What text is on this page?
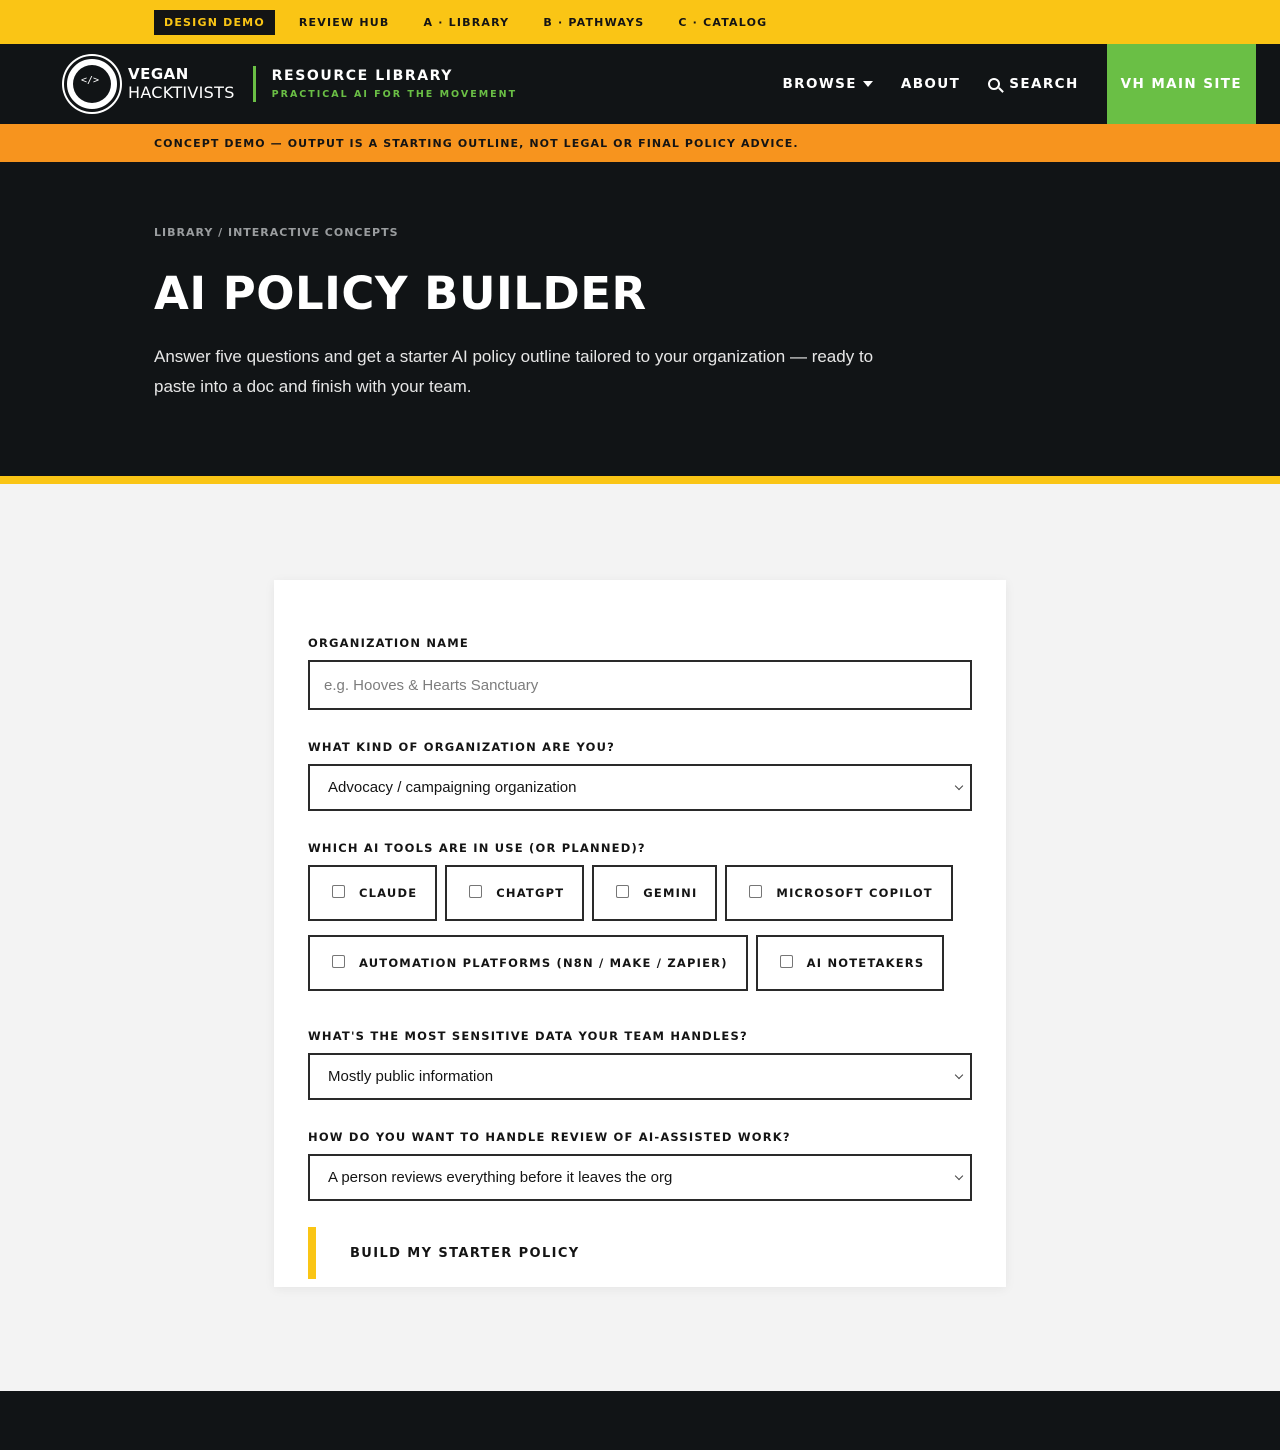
DESIGN DEMO	REVIEW HUB	A · LIBRARY	B · PATHWAYS	C · CATALOG
</>
VEGAN
HACKTIVISTS
RESOURCE LIBRARY
PRACTICAL AI FOR THE MOVEMENT
BROWSE	ABOUT	SEARCH	VH MAIN SITE
CONCEPT DEMO — OUTPUT IS A STARTING OUTLINE, NOT LEGAL OR FINAL POLICY ADVICE.
LIBRARY / INTERACTIVE CONCEPTS
AI POLICY BUILDER

Answer five questions and get a starter AI policy outline tailored to your organization — ready to paste into a doc and finish with your team.

ORGANIZATION NAME
e.g. Hooves & Hearts Sanctuary
WHAT KIND OF ORGANIZATION ARE YOU?
Advocacy / campaigning organization
WHICH AI TOOLS ARE IN USE (OR PLANNED)?
CLAUDE	CHATGPT	GEMINI	MICROSOFT COPILOT
AUTOMATION PLATFORMS (N8N / MAKE / ZAPIER)	AI NOTETAKERS
WHAT'S THE MOST SENSITIVE DATA YOUR TEAM HANDLES?
Mostly public information
HOW DO YOU WANT TO HANDLE REVIEW OF AI-ASSISTED WORK?
A person reviews everything before it leaves the org
BUILD MY STARTER POLICY
